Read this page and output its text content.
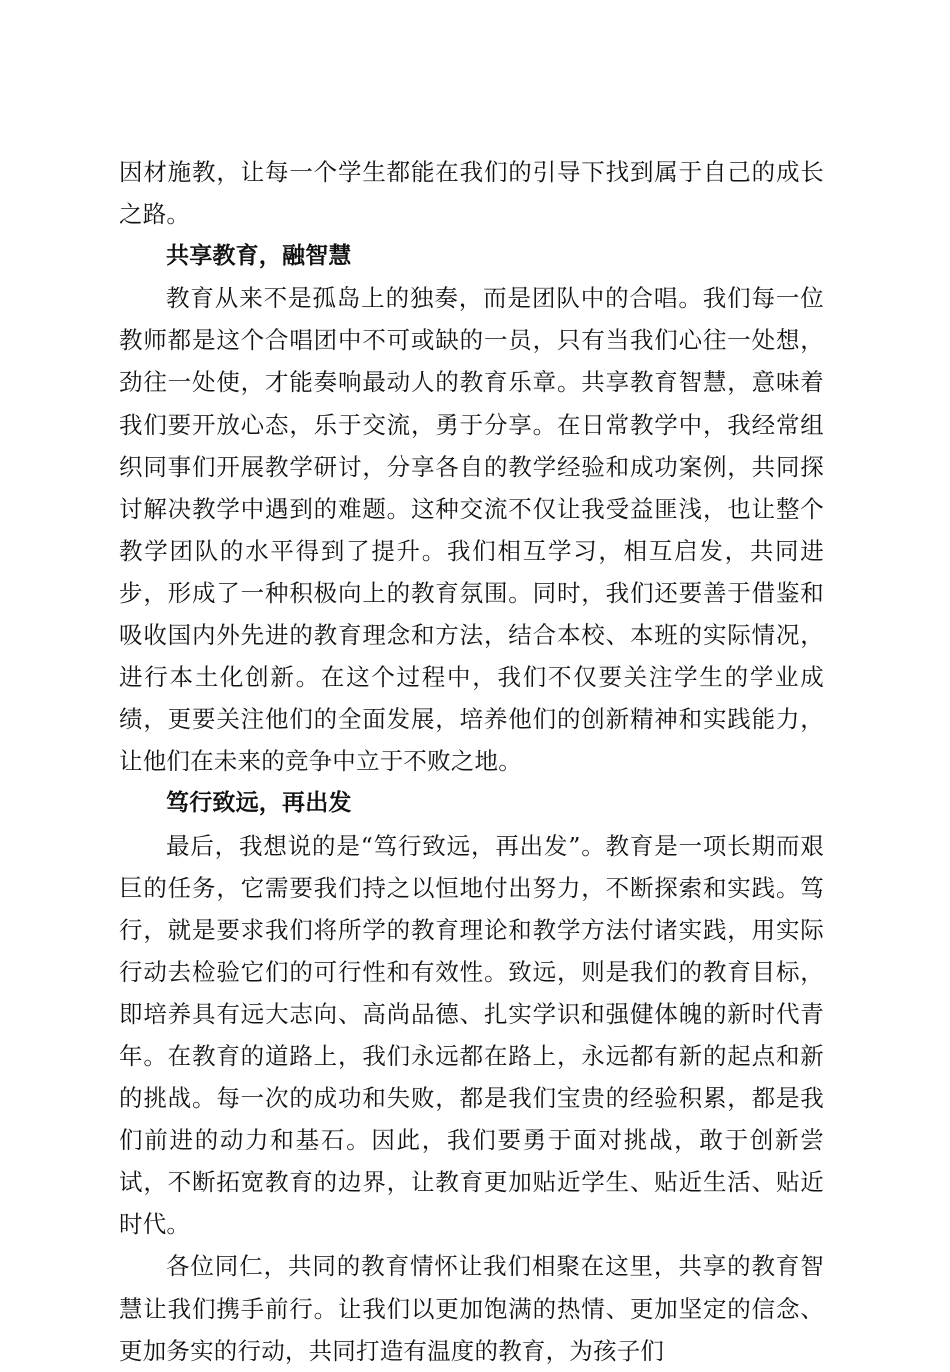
因材施教，让每一个学生都能在我们的引导下找到属于自己的成长之路。

共享教育，融智慧

教育从来不是孤岛上的独奏，而是团队中的合唱。我们每一位教师都是这个合唱团中不可或缺的一员，只有当我们心往一处想，劲往一处使，才能奏响最动人的教育乐章。共享教育智慧，意味着我们要开放心态，乐于交流，勇于分享。在日常教学中，我经常组织同事们开展教学研讨，分享各自的教学经验和成功案例，共同探讨解决教学中遇到的难题。这种交流不仅让我受益匪浅，也让整个教学团队的水平得到了提升。我们相互学习，相互启发，共同进步，形成了一种积极向上的教育氛围。同时，我们还要善于借鉴和吸收国内外先进的教育理念和方法，结合本校、本班的实际情况，进行本土化创新。在这个过程中，我们不仅要关注学生的学业成绩，更要关注他们的全面发展，培养他们的创新精神和实践能力，让他们在未来的竞争中立于不败之地。

笃行致远，再出发

最后，我想说的是“笃行致远，再出发”。教育是一项长期而艰巨的任务，它需要我们持之以恒地付出努力，不断探索和实践。笃行，就是要求我们将所学的教育理论和教学方法付诸实践，用实际行动去检验它们的可行性和有效性。致远，则是我们的教育目标，即培养具有远大志向、高尚品德、扎实学识和强健体魄的新时代青年。在教育的道路上，我们永远都在路上，永远都有新的起点和新的挑战。每一次的成功和失败，都是我们宝贵的经验积累，都是我们前进的动力和基石。因此，我们要勇于面对挑战，敢于创新尝试，不断拓宽教育的边界，让教育更加贴近学生、贴近生活、贴近时代。

各位同仁，共同的教育情怀让我们相聚在这里，共享的教育智慧让我们携手前行。让我们以更加饱满的热情、更加坚定的信念、更加务实的行动，共同打造有温度的教育，为孩子们
